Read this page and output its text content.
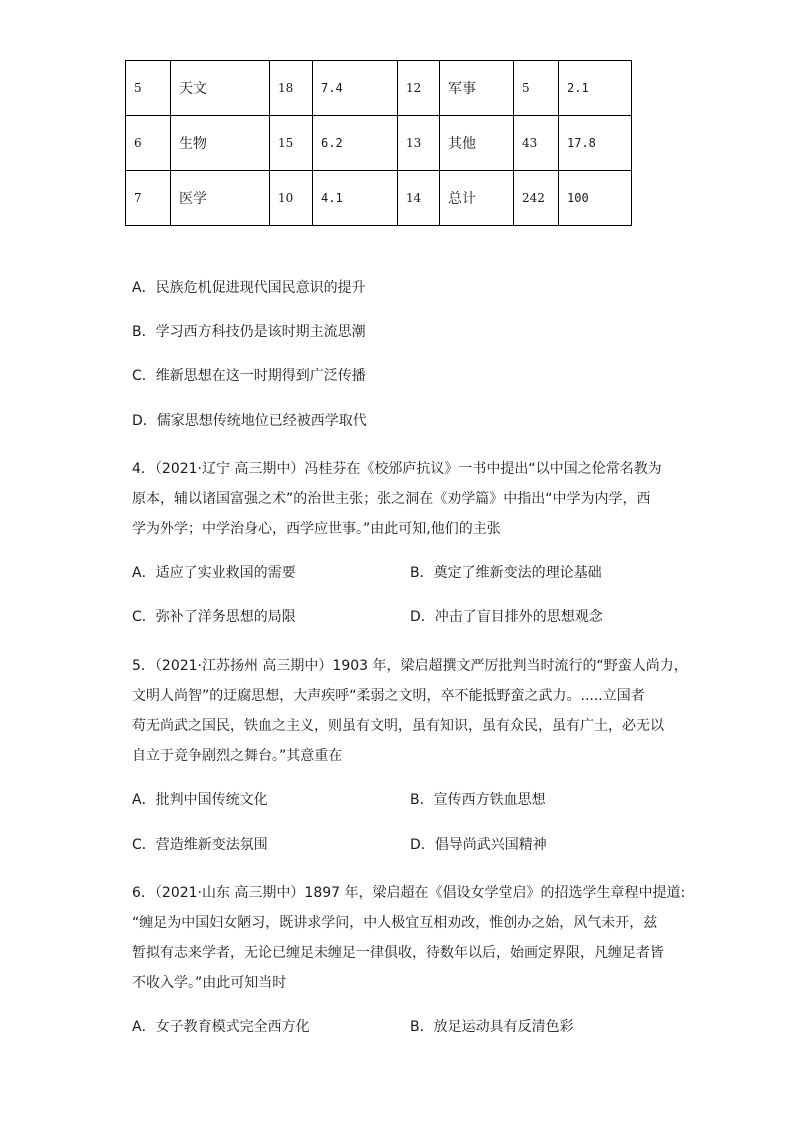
5	天文	18	7.4	12	军事	5	2.1
6	生物	15	6.2	13	其他	43	17.8
7	医学	10	4.1	14	总计	242	100
A．民族危机促进现代国民意识的提升
B．学习西方科技仍是该时期主流思潮
C．维新思想在这一时期得到广泛传播
D．儒家思想传统地位已经被西学取代
4．（2021·辽宁 高三期中）冯桂芬在《校邠庐抗议》一书中提出“以中国之伦常名教为
原本，辅以诸国富强之术”的治世主张；张之洞在《劝学篇》中指出“中学为内学，西
学为外学；中学治身心，西学应世事。”由此可知,他们的主张
A．适应了实业救国的需要	B．奠定了维新变法的理论基础
C．弥补了洋务思想的局限	D．冲击了盲目排外的思想观念
5．（2021·江苏扬州 高三期中）1903 年，梁启超撰文严厉批判当时流行的“野蛮人尚力，
文明人尚智”的迂腐思想，大声疾呼“柔弱之文明，卒不能抵野蛮之武力。.....立国者
苟无尚武之国民，铁血之主义，则虽有文明，虽有知识，虽有众民，虽有广土，必无以
自立于竞争剧烈之舞台。”其意重在
A．批判中国传统文化	B．宣传西方铁血思想
C．营造维新变法氛围	D．倡导尚武兴国精神
6．（2021·山东 高三期中）1897 年，梁启超在《倡设女学堂启》的招选学生章程中提道:
“缠足为中国妇女陋习，既讲求学问，中人极宜互相劝改，惟创办之始，风气未开，兹
暂拟有志来学者，无论已缠足未缠足一律俱收，待数年以后，始画定界限，凡缠足者皆
不收入学。”由此可知当时
A．女子教育模式完全西方化	B．放足运动具有反清色彩
